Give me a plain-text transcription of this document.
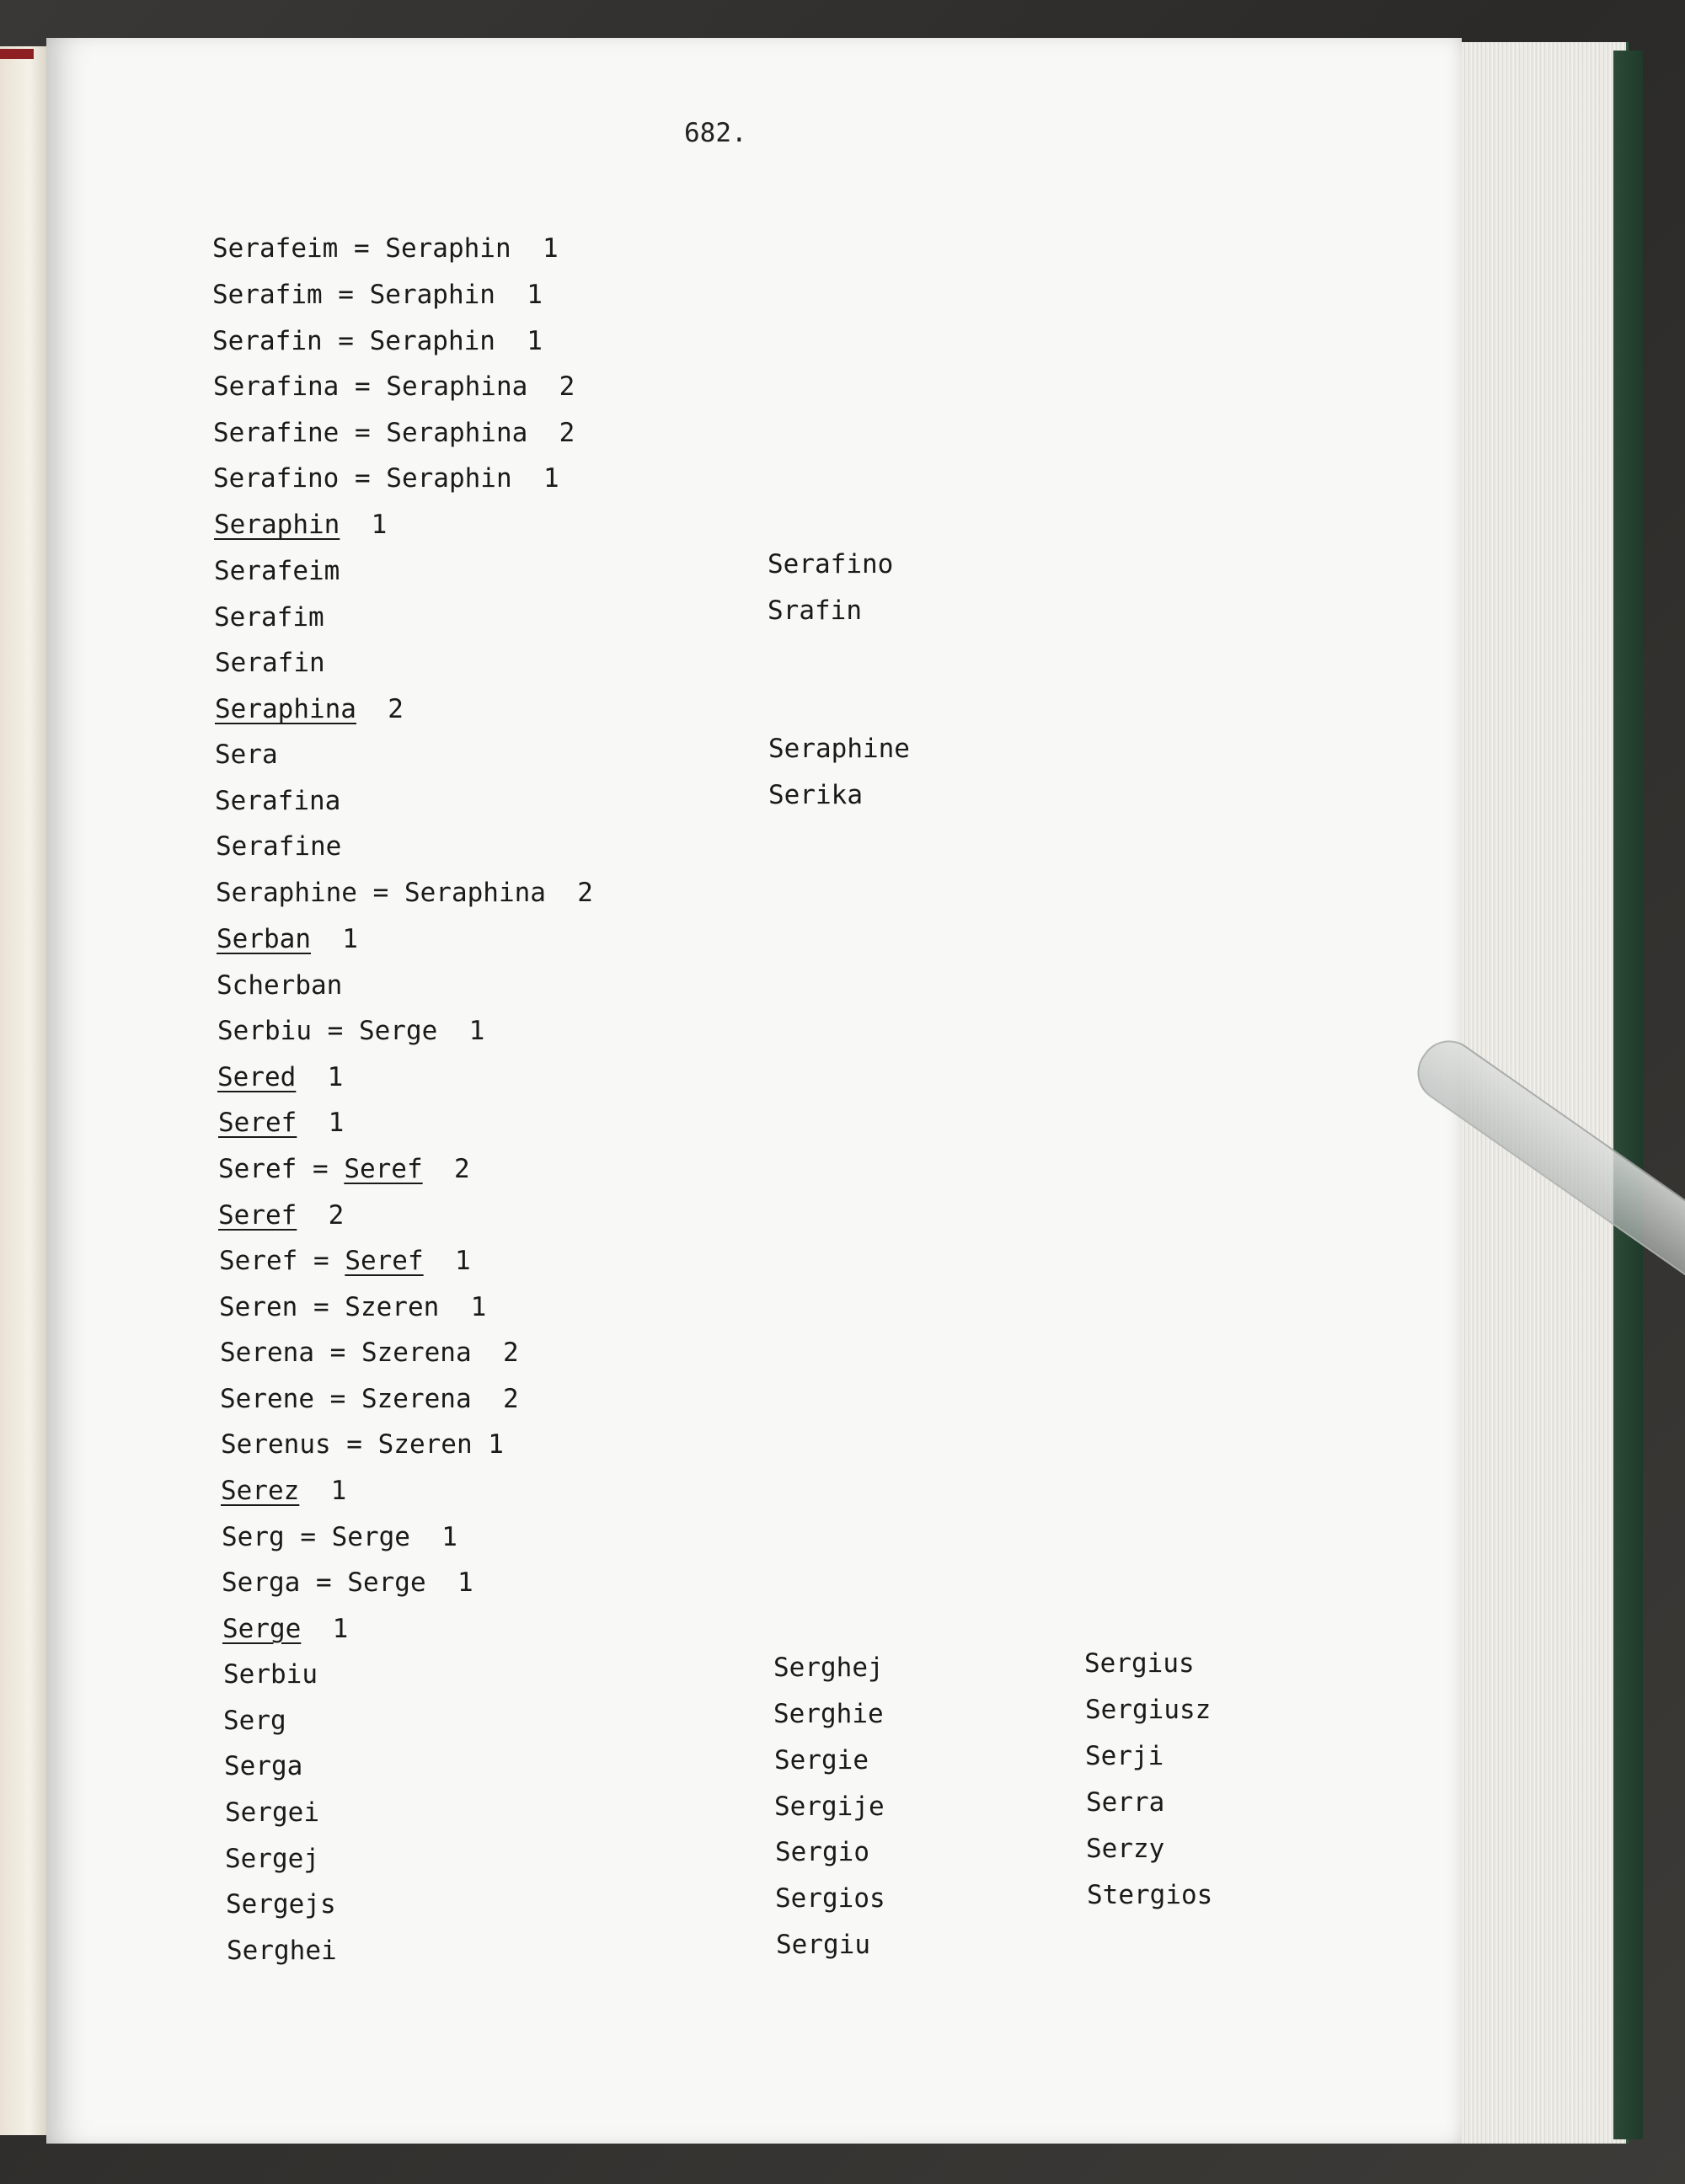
682.
Serafeim = Seraphin  1
Serafim = Seraphin  1
Serafin = Seraphin  1
Serafina = Seraphina  2
Serafine = Seraphina  2
Serafino = Seraphin  1
Seraphin  1
Serafeim
Serafim
Serafin
Seraphina  2
Sera
Serafina
Serafine
Seraphine = Seraphina  2
Serban  1
Scherban
Serbiu = Serge  1
Sered  1
Seref  1
Seref = Seref  2
Seref  2
Seref = Seref  1
Seren = Szeren  1
Serena = Szerena  2
Serene = Szerena  2
Serenus = Szeren 1
Serez  1
Serg = Serge  1
Serga = Serge  1
Serge  1
Serbiu
Serg
Serga
Sergei
Sergej
Sergejs
Serghei
Serafino
Srafin
Seraphine
Serika
Serghej
Serghie
Sergie
Sergije
Sergio
Sergios
Sergiu
Sergius
Sergiusz
Serji
Serra
Serzy
Stergios
